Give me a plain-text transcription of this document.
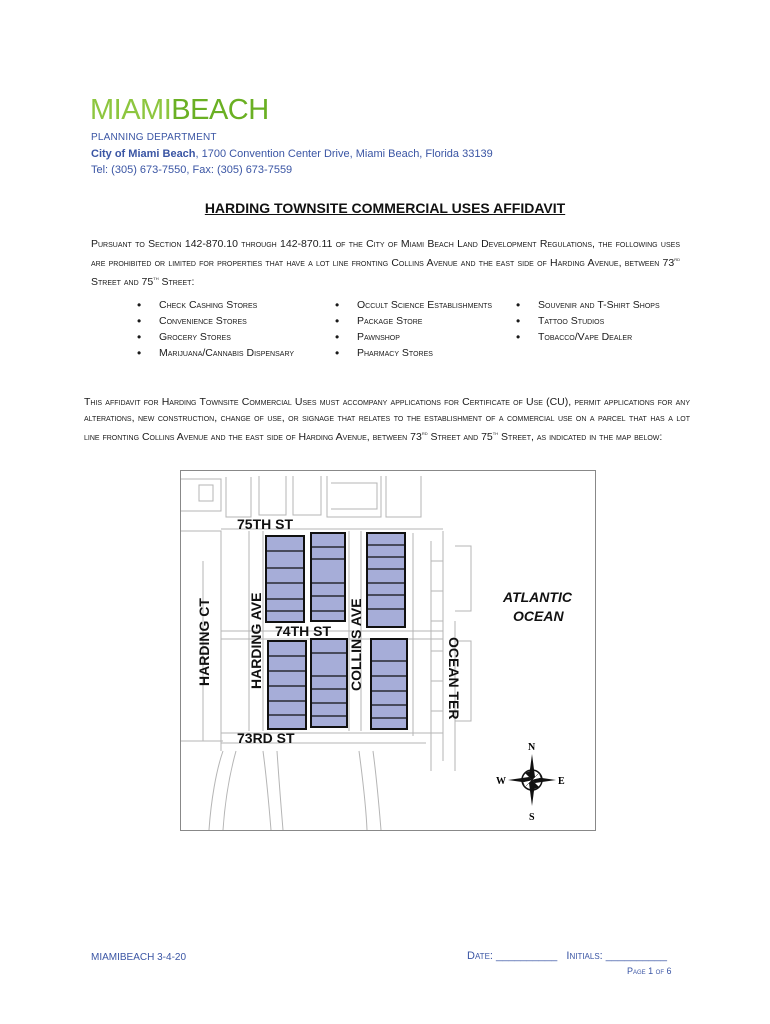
MIAMIBEACH
PLANNING DEPARTMENT
City of Miami Beach, 1700 Convention Center Drive, Miami Beach, Florida 33139
Tel: (305) 673-7550, Fax: (305) 673-7559
HARDING TOWNSITE COMMERCIAL USES AFFIDAVIT
Pursuant to Section 142-870.10 through 142-870.11 of the City of Miami Beach Land Development Regulations, the following uses are prohibited or limited for properties that have a lot line fronting Collins Avenue and the east side of Harding Avenue, between 73rd Street and 75th Street:
• Check Cashing Stores
• Convenience Stores
• Grocery Stores
• Marijuana/Cannabis Dispensary
• Occult Science Establishments
• Package Store
• Pawnshop
• Pharmacy Stores
• Souvenir and T-Shirt Shops
• Tattoo Studios
• Tobacco/Vape Dealer
This affidavit for Harding Townsite Commercial Uses must accompany applications for Certificate of Use (CU), permit applications for any alterations, new construction, change of use, or signage that relates to the establishment of a commercial use on a parcel that has a lot line fronting Collins Avenue and the east side of Harding Avenue, between 73rd Street and 75th Street, as indicated in the map below:
75TH ST
74TH ST
73RD ST
HARDING CT	HARDING AVE	COLLINS AVE	OCEAN TER
ATLANTIC
OCEAN
N
S
E
W
MIAMIBEACH 3-4-20	Date: __________ Initials: __________
Page 1 of 6
